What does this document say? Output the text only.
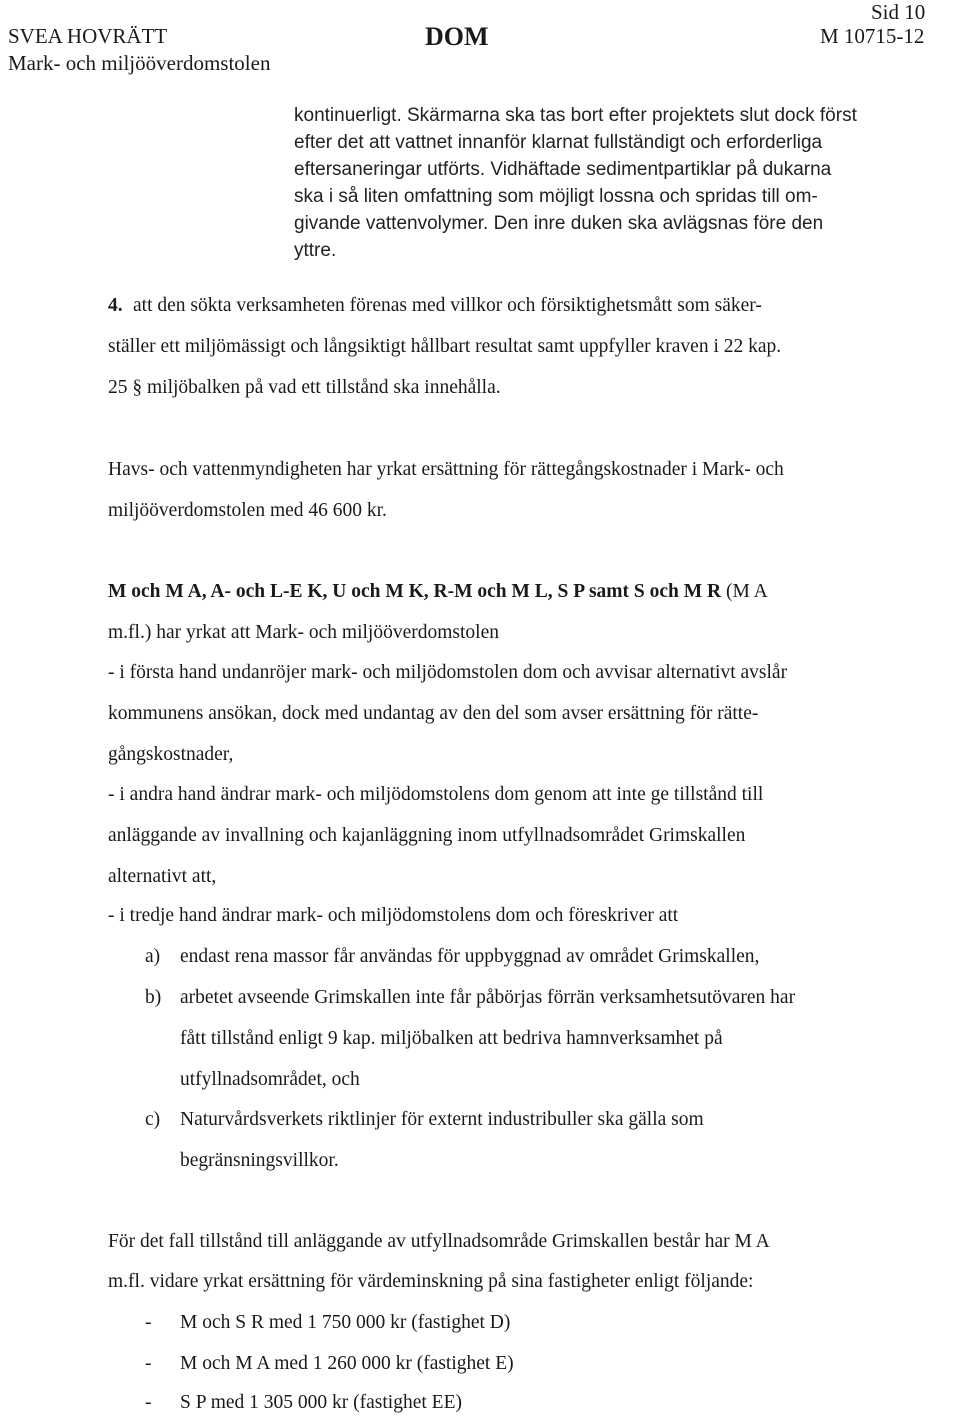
Sid 10
SVEA HOVRÄTT	DOM	M 10715-12
Mark- och miljööverdomstolen
kontinuerligt. Skärmarna ska tas bort efter projektets slut dock först
efter det att vattnet innanför klarnat fullständigt och erforderliga
eftersaneringar utförts. Vidhäftade sedimentpartiklar på dukarna
ska i så liten omfattning som möjligt lossna och spridas till om-
givande vattenvolymer. Den inre duken ska avlägsnas före den
yttre.
4. att den sökta verksamheten förenas med villkor och försiktighetsmått som säker-
ställer ett miljömässigt och långsiktigt hållbart resultat samt uppfyller kraven i 22 kap.
25 § miljöbalken på vad ett tillstånd ska innehålla.
Havs- och vattenmyndigheten har yrkat ersättning för rättegångskostnader i Mark- och
miljööverdomstolen med 46 600 kr.
M och M A, A- och L-E K, U och M K, R-M och M L, S P samt S och M R (M A
m.fl.) har yrkat att Mark- och miljööverdomstolen
- i första hand undanröjer mark- och miljödomstolen dom och avvisar alternativt avslår
kommunens ansökan, dock med undantag av den del som avser ersättning för rätte-
gångskostnader,
- i andra hand ändrar mark- och miljödomstolens dom genom att inte ge tillstånd till
anläggande av invallning och kajanläggning inom utfyllnadsområdet Grimskallen
alternativt att,
- i tredje hand ändrar mark- och miljödomstolens dom och föreskriver att
a) endast rena massor får användas för uppbyggnad av området Grimskallen,
b) arbetet avseende Grimskallen inte får påbörjas förrän verksamhetsutövaren har
fått tillstånd enligt 9 kap. miljöbalken att bedriva hamnverksamhet på
utfyllnadsområdet, och
c) Naturvårdsverkets riktlinjer för externt industribuller ska gälla som
begränsningsvillkor.
För det fall tillstånd till anläggande av utfyllnadsområde Grimskallen består har M A
m.fl. vidare yrkat ersättning för värdeminskning på sina fastigheter enligt följande:
- M och S R med 1 750 000 kr (fastighet D)
- M och M A med 1 260 000 kr (fastighet E)
- S P med 1 305 000 kr (fastighet EE)
